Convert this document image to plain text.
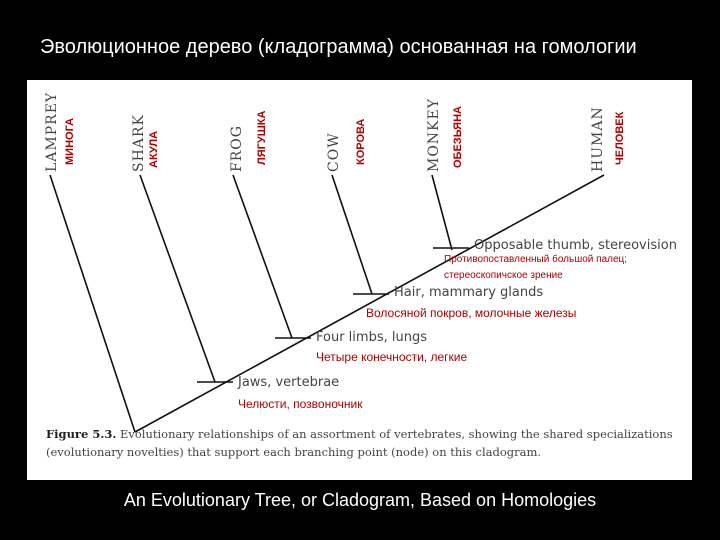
Эволюционное дерево (кладограмма) основанная на гомологии
LAMPREY МИНОГА	SHARK АКУЛА	FROG ЛЯГУШКА	COW КОРОВА	MONKEY ОБЕЗЬЯНА	HUMAN ЧЕЛОВЕК
Opposable thumb, stereovision
Противопоставленный большой палец;
стереоскопичское зрение
Hair, mammary glands
Волосяной покров, молочные железы
Four limbs, lungs
Четыре конечности, легкие
Jaws, vertebrae
Челюсти, позвоночник
Figure 5.3. Evolutionary relationships of an assortment of vertebrates, showing the shared specializations (evolutionary novelties) that support each branching point (node) on this cladogram.
An Evolutionary Tree, or Cladogram, Based on Homologies
